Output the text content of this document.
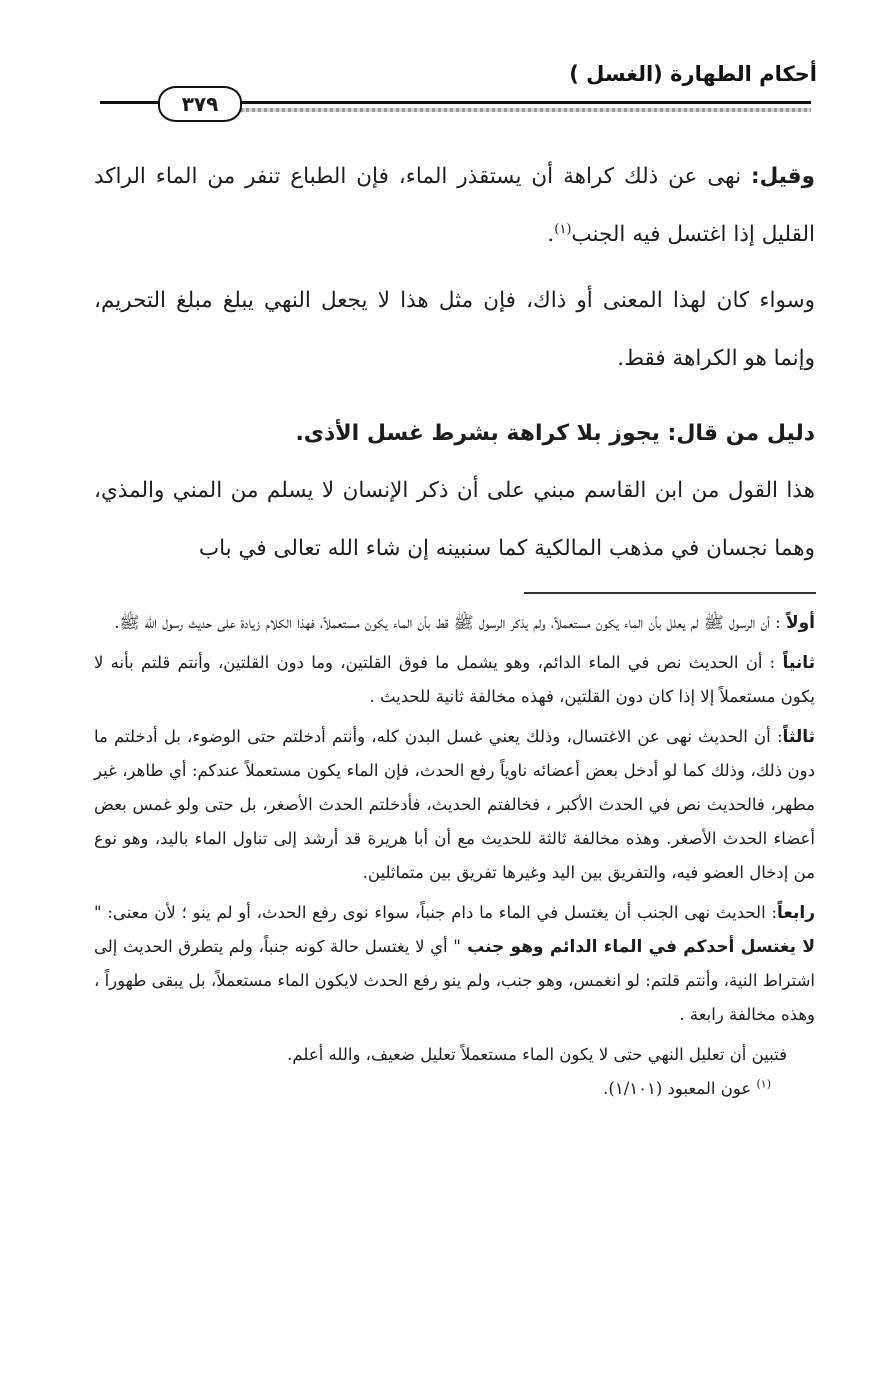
أحكام الطهارة (الغسل )
٣٧٩

وقيل: نهى عن ذلك كراهة أن يستقذر الماء، فإن الطباع تنفر من الماء الراكد القليل إذا اغتسل فيه الجنب$^{(١)}$.

وسواء كان لهذا المعنى أو ذاك، فإن مثل هذا لا يجعل النهي يبلغ مبلغ التحريم، وإنما هو الكراهة فقط.

دليل من قال: يجوز بلا كراهة بشرط غسل الأذى.

هذا القول من ابن القاسم مبني على أن ذكر الإنسان لا يسلم من المني والمذي، وهما نجسان في مذهب المالكية كما سنبينه إن شاء الله تعالى في باب

أولاً : أن الرسول ﷺ لم يعلل بأن الماء يكون مستعملاً، ولم يذكر الرسول ﷺ قط بأن الماء يكون مستعملاً، فهذا الكلام زيادة على حديث رسول الله ﷺ.

ثانياً : أن الحديث نص في الماء الدائم، وهو يشمل ما فوق القلتين، وما دون القلتين، وأنتم قلتم بأنه لا يكون مستعملاً إلا إذا كان دون القلتين، فهذه مخالفة ثانية للحديث .

ثالثاً: أن الحديث نهى عن الاغتسال، وذلك يعني غسل البدن كله، وأنتم أدخلتم حتى الوضوء، بل أدخلتم ما دون ذلك، وذلك كما لو أدخل بعض أعضائه ناوياً رفع الحدث، فإن الماء يكون مستعملاً عندكم: أي طاهر، غير مطهر، فالحديث نص في الحدث الأكبر ، فخالفتم الحديث، فأدخلتم الحدث الأصغر، بل حتى ولو غمس بعض أعضاء الحدث الأصغر. وهذه مخالفة ثالثة للحديث مع أن أبا هريرة قد أرشد إلى تناول الماء باليد، وهو نوع من إدخال العضو فيه، والتفريق بين اليد وغيرها تفريق بين متماثلين.

رابعاً: الحديث نهى الجنب أن يغتسل في الماء ما دام جنباً، سواء نوى رفع الحدث، أو لم ينو ؛ لأن معنى: " لا يغتسل أحدكم في الماء الدائم وهو جنب " أي لا يغتسل حالة كونه جنباً، ولم يتطرق الحديث إلى اشتراط النية، وأنتم قلتم: لو انغمس، وهو جنب، ولم ينو رفع الحدث لايكون الماء مستعملاً، بل يبقى طهوراً ، وهذه مخالفة رابعة .

فتبين أن تعليل النهي حتى لا يكون الماء مستعملاً تعليل ضعيف، والله أعلم.

$^{(١)}$ عون المعبود (١/١٠١).
